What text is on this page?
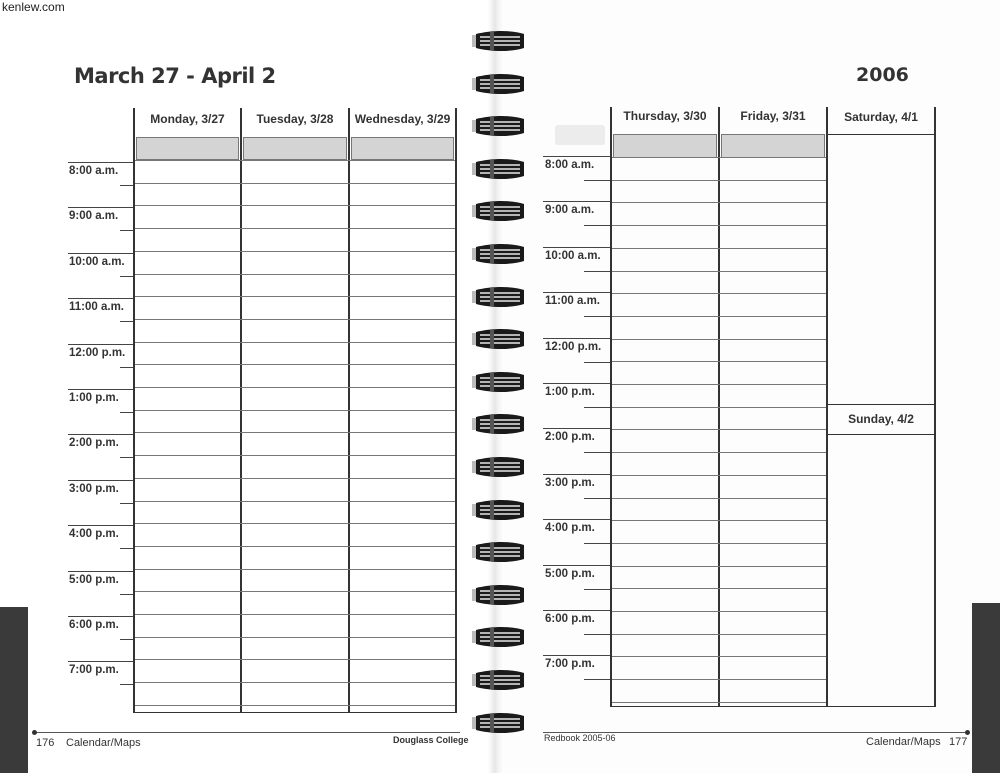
kenlew.com
March 27 - April 2	2006
Monday, 3/27	Tuesday, 3/28	Wednesday, 3/29
8:00 a.m.
9:00 a.m.
10:00 a.m.
11:00 a.m.
12:00 p.m.
1:00 p.m.
2:00 p.m.
3:00 p.m.
4:00 p.m.
5:00 p.m.
6:00 p.m.
7:00 p.m.
Thursday, 3/30	Friday, 3/31	Saturday, 4/1
Sunday, 4/2
8:00 a.m.
9:00 a.m.
10:00 a.m.
11:00 a.m.
12:00 p.m.
1:00 p.m.
2:00 p.m.
3:00 p.m.
4:00 p.m.
5:00 p.m.
6:00 p.m.
7:00 p.m.
176 Calendar/Maps	Douglass College	Redbook 2005-06	Calendar/Maps 177
